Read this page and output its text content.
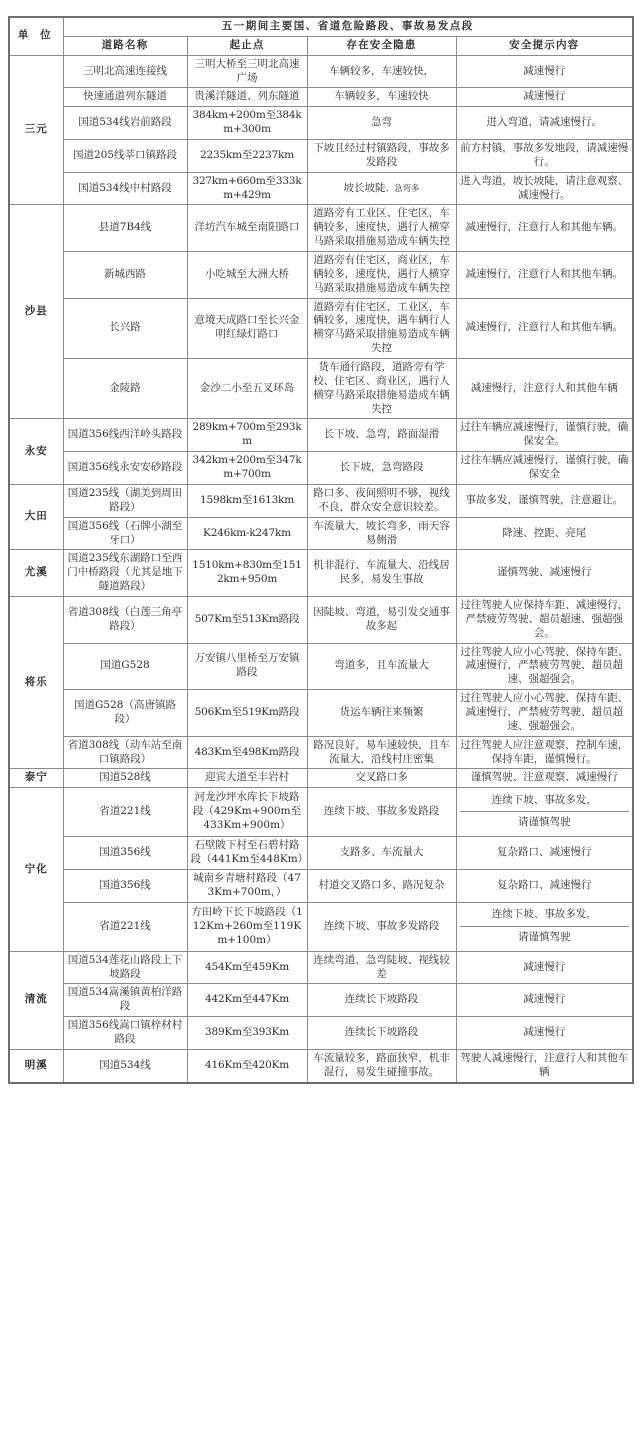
单 位	五一期间主要国、省道危险路段、事故易发点段			
	道路名称	起止点	存在安全隐患	安全提示内容
三元	三明北高速连接线	三明大桥至三明北高速广场	车辆较多，车速较快，	减速慢行
	快速通道列东隧道	贵溪洋隧道、列东隧道	车辆较多，车速较快	减速慢行
	国道534线岩前路段	384km+200m至384km+300m	急弯	进入弯道，请减速慢行。
	国道205线莘口镇路段	2235km至2237km	下坡且经过村镇路段，事故多发路段	前方村镇，事故多发地段，请减速慢行。
	国道534线中村路段	327km+660m至333km+429m	坡长坡陡、急弯多	进入弯道，坡长坡陡，请注意观察、减速慢行。
沙县	县道7B4线	洋坊汽车城至南阳路口	道路旁有工业区、住宅区，车辆较多，速度快，遇行人横穿马路采取措施易造成车辆失控	减速慢行，注意行人和其他车辆。
	新城西路	小吃城至大洲大桥	道路旁有住宅区，商业区，车辆较多，速度快，遇行人横穿马路采取措施易造成车辆失控	减速慢行，注意行人和其他车辆。
	长兴路	意境天成路口至长兴金明红绿灯路口	道路旁有住宅区，工业区，车辆较多，速度快，遇车辆行人横穿马路采取措施易造成车辆失控	减速慢行，注意行人和其他车辆。
	金陵路	金沙二小至五叉环岛	货车通行路段，道路旁有学校、住宅区、商业区，遇行人横穿马路采取措施易造成车辆失控	减速慢行，注意行人和其他车辆
永安	国道356线西洋岭头路段	289km+700m至293km	长下坡、急弯，路面湿滑	过往车辆应减速慢行，谨慎行驶，确保安全。
	国道356线永安安砂路段	342km+200m至347km+700m	长下坡，急弯路段	过往车辆应减速慢行，谨慎行驶，确保安全
大田	国道235线（湖美到周田路段）	1598km至1613km	路口多、夜间照明不够，视线不良，群众安全意识较差。	事故多发，谨慎驾驶，注意避让。
	国道356线（石牌小湖至牙口）	K246km-k247km	车流量大，坡长弯多，雨天容易侧滑	降速、控距、亮尾
尤溪	国道235线东湖路口至西门中桥路段（尤其是地下隧道路段）	1510km+830m至1512km+950m	机非混行、车流量大、沿线居民多，易发生事故	谨慎驾驶、减速慢行
将乐	省道308线（白莲三角亭路段）	507Km至513Km路段	因陡坡、弯道，易引发交通事故多起	过往驾驶人应保持车距、减速慢行，严禁疲劳驾驶、超员超速、强超强会。
	国道G528	万安镇八里桥至万安镇路段	弯道多，且车流量大	过往驾驶人应小心驾驶、保持车距、减速慢行，严禁疲劳驾驶、超员超速、强超强会。
	国道G528（高唐镇路段）	506Km至519Km路段	货运车辆往来频繁	过往驾驶人应小心驾驶、保持车距、减速慢行，严禁疲劳驾驶、超员超速、强超强会。
	省道308线（动车站至南口镇路段）	483Km至498Km路段	路况良好，易车速较快，且车流量大，沿线村庄密集	过往驾驶人应注意观察，控制车速，保持车距，谨慎慢行。
泰宁	国道528线	迎宾大道至丰岩村	交叉路口多	谨慎驾驶、注意观察、减速慢行
宁化	省道221线	河龙沙坪水库长下坡路段（429Km+900m至433Km+900m）	连续下坡、事故多发路段	连续下坡、事故多发，
请谨慎驾驶

	国道356线	石壁陂下村至石碧村路段（441Km至448Km）	支路多、车流量大	复杂路口、减速慢行
	国道356线	城南乡青塘村路段（473Km+700m，）	村道交叉路口多、路况复杂	复杂路口、减速慢行
	省道221线	方田岭下长下坡路段（112Km+260m至119Km+100m）	连续下坡、事故多发路段	连续下坡、事故多发，
请谨慎驾驶

清流	国道534莲花山路段上下坡路段	454Km至459Km	连续弯道、急弯陡坡、视线较差	减速慢行
	国道534嵩溪镇黄柏洋路段	442Km至447Km	连续长下坡路段	减速慢行
	国道356线嵩口镇梓材村路段	389Km至393Km	连续长下坡路段	减速慢行
明溪	国道534线	416Km至420Km	车流量较多，路面狭窄，机非混行，易发生碰撞事故。	驾驶人减速慢行，注意行人和其他车辆
